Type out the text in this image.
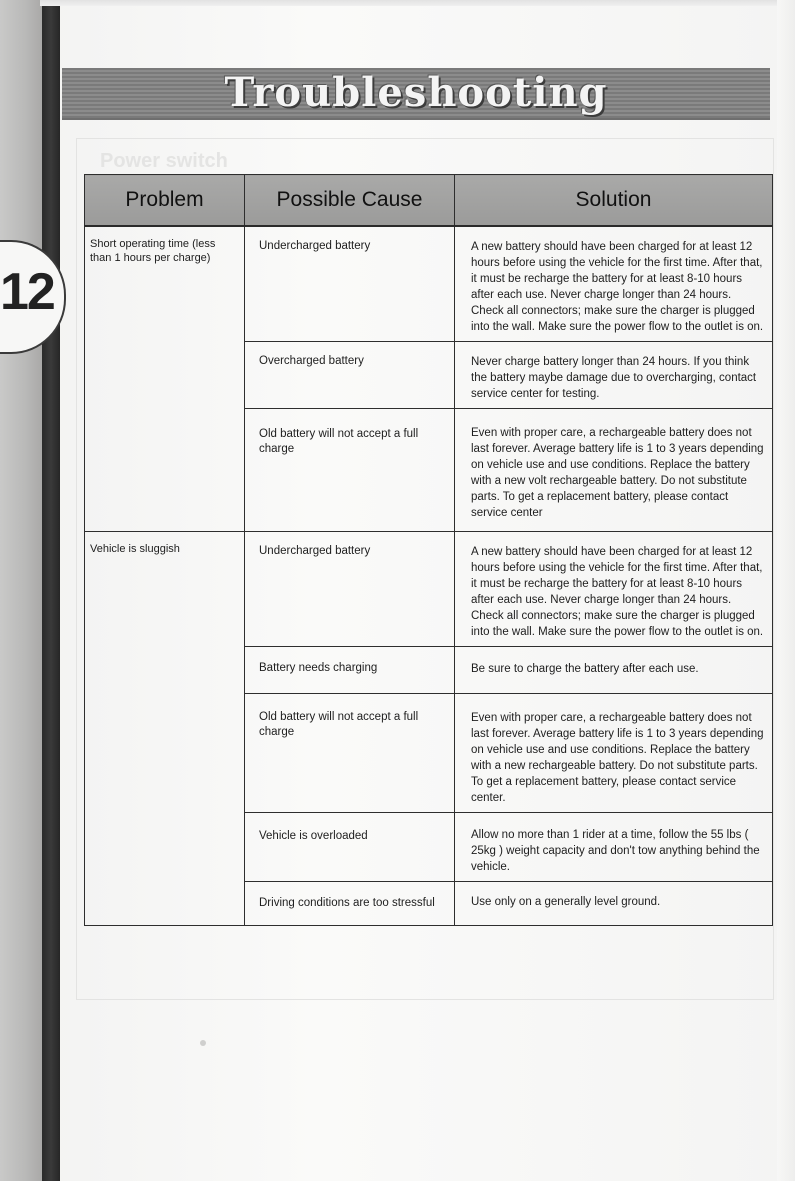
Power switch
12
Troubleshooting
Problem	Possible Cause	Solution
Short operating time (less than 1 hours per charge)	Undercharged battery	A new battery should have been charged for at least 12 hours before using the vehicle for the first time. After that, it must be recharge the battery for at least 8-10 hours after each use. Never charge longer than 24 hours. Check all connectors; make sure the charger is plugged into the wall. Make sure the power flow to the outlet is on.
	Overcharged battery	Never charge battery longer than 24 hours. If you think the battery maybe damage due to overcharging, contact service center for testing.
	Old battery will not accept a full charge	Even with proper care, a rechargeable battery does not last forever. Average battery life is 1 to 3 years depending on vehicle use and use conditions. Replace the battery with a new volt rechargeable battery. Do not substitute parts. To get a replacement battery, please contact service center
Vehicle is sluggish	Undercharged battery	A new battery should have been charged for at least 12 hours before using the vehicle for the first time. After that, it must be recharge the battery for at least 8-10 hours after each use. Never charge longer than 24 hours. Check all connectors; make sure the charger is plugged into the wall. Make sure the power flow to the outlet is on.
	Battery needs charging	Be sure to charge the battery after each use.
	Old battery will not accept a full charge	Even with proper care, a rechargeable battery does not last forever. Average battery life is 1 to 3 years depending on vehicle use and use conditions. Replace the battery with a new rechargeable battery. Do not substitute parts. To get a replacement battery, please contact service center.
	Vehicle is overloaded	Allow no more than 1 rider at a time, follow the 55 lbs ( 25kg ) weight capacity and don't tow anything behind the vehicle.
	Driving conditions are too stressful	Use only on a generally level ground.
